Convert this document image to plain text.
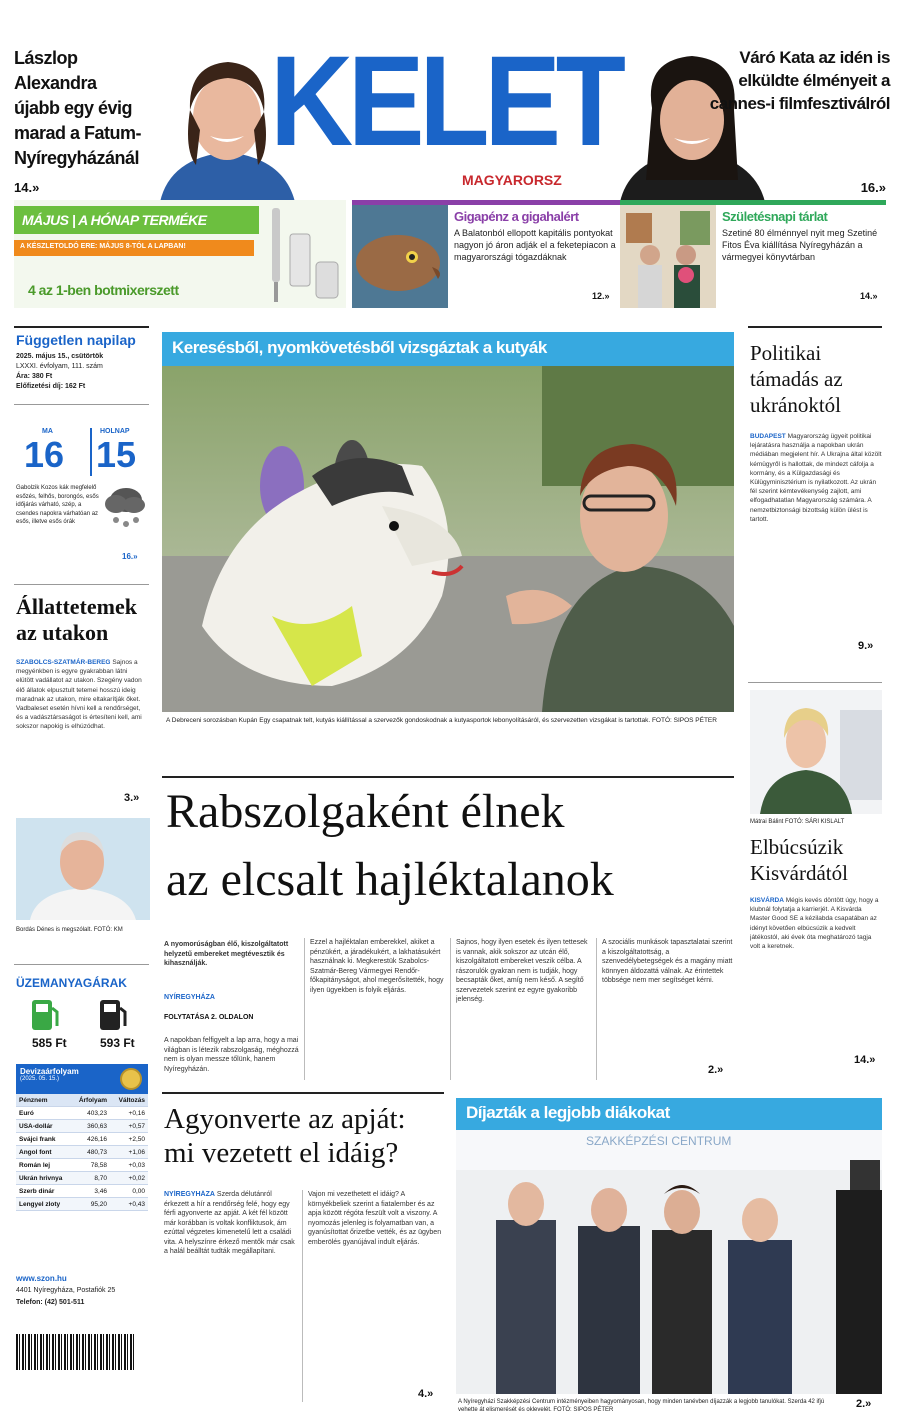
Lászlop Alexandra újabb egy évig marad a Fatum-Nyíregyházánál
14.»
KELET
MAGYARORSZ
Váró Kata az idén is elküldte élményeit a cannes-i filmfesztiválról
16.»
MÁJUS | A HÓNAP TERMÉKE
A KÉSZLETOLDÓ ERE: MÁJUS 8-TÓL A LAPBAN!
4 az 1-ben botmixerszett
Gigapénz a gigahalért
A Balatonból ellopott kapitális pontyokat nagyon jó áron adják el a feketepiacon a magyarországi tógazdáknak
12.»
Születésnapi tárlat
Szetiné 80 élménnyel nyit meg Szetiné Fitos Éva kiállítása Nyíregyházán a vármegyei könyvtárban
14.»
Független napilap
2025. május 15., csütörtök
LXXXI. évfolyam, 111. szám
Ára: 380 Ft
Előfizetési díj: 162 Ft
MA
16
HOLNAP
15
Gabolzik Kozos kák megfelelő esőzés, felhős, borongós, esős időjárás várható, szép, a csendes napokra várhatóan az esős, illetve esős órák
16.»
Állattetemek az utakon
SZABOLCS-SZATMÁR-BEREG Sajnos a megyénkben is egyre gyakrabban látni elütött vadállatot az utakon. Szegény vadon élő állatok elpusztult tetemei hosszú ideig maradnak az utakon, mire eltakarítják őket. Vadbaleset esetén hívni kell a rendőrséget, és a vadásztársaságot is értesíteni kell, ami sokszor napokig is elhúzódhat.
3.»
Bordás Dénes is megszólalt. FOTÓ: KM
ÜZEMANYAGÁRAK
585 Ft	593 Ft
Devizaárfolyam
(2025. 05. 15.)
Pénznem	Árfolyam	Változás
Euró	403,23	+0,16
USA-dollár	360,63	+0,57
Svájci frank	426,16	+2,50
Angol font	480,73	+1,06
Román lej	78,58	+0,03
Ukrán hrivnya	8,70	+0,02
Szerb dinár	3,46	0,00
Lengyel zloty	95,20	+0,43
www.szon.hu
4401 Nyíregyháza, Postafiók 25
Telefon: (42) 501-511
Keresésből, nyomkövetésből vizsgáztak a kutyák
A Debreceni sorozásban Kupán Egy csapatnak telt, kutyás kiállítással a szervezők gondoskodnak a kutyasportok lebonyolításáról, és szervezetten vizsgákat is tartottak. FOTÓ: SIPOS PÉTER
Rabszolgaként élnek
az elcsalt hajléktalanok
A nyomorúságban élő, kiszolgáltatott helyzetű embereket megtévesztik és kihasználják.
NYÍREGYHÁZA
FOLYTATÁSA 2. OLDALON
A napokban felfigyelt a lap arra, hogy a mai világban is létezik rabszolgaság, méghozzá nem is olyan messze tőlünk, hanem Nyíregyházán.
Ezzel a hajléktalan emberekkel, akiket a pénzükért, a járadékukért, a lakhatásukért használnak ki. Megkerestük Szabolcs-Szatmár-Bereg Vármegyei Rendőr-főkapitányságot, ahol megerősítették, hogy ilyen ügyekben is folyik eljárás.
Sajnos, hogy ilyen esetek és ilyen tettesek is vannak, akik sokszor az utcán élő, kiszolgáltatott embereket veszik célba. A rászorulók gyakran nem is tudják, hogy becsapták őket, amíg nem késő. A segítő szervezetek szerint ez egyre gyakoribb jelenség.
A szociális munkások tapasztalatai szerint a kiszolgáltatottság, a szenvedélybetegségek és a magány miatt könnyen áldozattá válnak. Az érintettek többsége nem mer segítséget kérni.
2.»
Agyonverte az apját:
mi vezetett el idáig?
NYÍREGYHÁZA Szerda délutánról érkezett a hír a rendőrség felé, hogy egy férfi agyonverte az apját. A két fél között már korábban is voltak konfliktusok, ám ezúttal végzetes kimenetelű lett a családi vita. A helyszínre érkező mentők már csak a halál beálltát tudták megállapítani.
Vajon mi vezethetett el idáig? A környékbeliek szerint a fiatalember és az apja között régóta feszült volt a viszony. A nyomozás jelenleg is folyamatban van, a gyanúsítottat őrizetbe vették, és az ügyben emberölés gyanújával indult eljárás.
4.»
Díjazták a legjobb diákokat
SZAKKÉPZÉSI CENTRUM
A Nyíregyházi Szakképzési Centrum intézményeiben hagyományosan, hogy minden tanévben díjazzák a legjobb tanulókat. Szerda 42 ifjú vehette át elismerését és oklevelét. FOTÓ: SIPOS PÉTER	2.»
Politikai támadás az ukránoktól
BUDAPEST Magyarország ügyeit politikai lejáratásra használja a napokban ukrán médiában megjelent hír. A Ukrajna által közölt kémügyről is hallottak, de mindezt cáfolja a kormány, és a Külgazdasági és Külügyminisztérium is nyilatkozott. Az ukrán fél szerint kémtevékenység zajlott, ami elfogadhatatlan Magyarország számára. A nemzetbiztonsági bizottság külön ülést is tartott.
9.»
Mátrai Bálint FOTÓ: SÁRI KISLALT
Elbúcsúzik Kisvárdától
KISVÁRDA Mégis kevés döntött úgy, hogy a klubnál folytatja a karrierjét. A Kisvárda Master Good SE a kézilabda csapatában az idényt követően elbúcsúzik a kedvelt játékostól, aki évek óta meghatározó tagja volt a keretnek.
14.»
